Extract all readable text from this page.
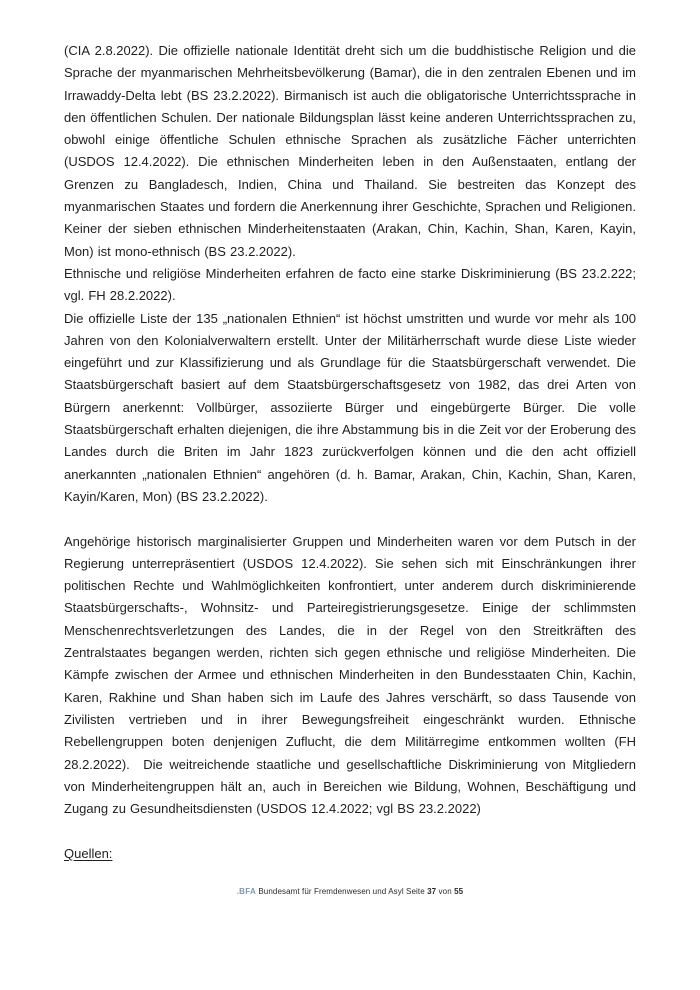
(CIA 2.8.2022). Die offizielle nationale Identität dreht sich um die buddhistische Religion und die Sprache der myanmarischen Mehrheitsbevölkerung (Bamar), die in den zentralen Ebenen und im Irrawaddy-Delta lebt (BS 23.2.2022). Birmanisch ist auch die obligatorische Unterrichtssprache in den öffentlichen Schulen. Der nationale Bildungsplan lässt keine anderen Unterrichtssprachen zu, obwohl einige öffentliche Schulen ethnische Sprachen als zusätzliche Fächer unterrichten (USDOS 12.4.2022). Die ethnischen Minderheiten leben in den Außenstaaten, entlang der Grenzen zu Bangladesch, Indien, China und Thailand. Sie bestreiten das Konzept des myanmarischen Staates und fordern die Anerkennung ihrer Geschichte, Sprachen und Religionen. Keiner der sieben ethnischen Minderheitenstaaten (Arakan, Chin, Kachin, Shan, Karen, Kayin, Mon) ist mono-ethnisch (BS 23.2.2022).

Ethnische und religiöse Minderheiten erfahren de facto eine starke Diskriminierung (BS 23.2.222; vgl. FH 28.2.2022).

Die offizielle Liste der 135 „nationalen Ethnien“ ist höchst umstritten und wurde vor mehr als 100 Jahren von den Kolonialverwaltern erstellt. Unter der Militärherrschaft wurde diese Liste wieder eingeführt und zur Klassifizierung und als Grundlage für die Staatsbürgerschaft verwendet. Die Staatsbürgerschaft basiert auf dem Staatsbürgerschaftsgesetz von 1982, das drei Arten von Bürgern anerkennt: Vollbürger, assoziierte Bürger und eingebürgerte Bürger. Die volle Staatsbürgerschaft erhalten diejenigen, die ihre Abstammung bis in die Zeit vor der Eroberung des Landes durch die Briten im Jahr 1823 zurückverfolgen können und die den acht offiziell anerkannten „nationalen Ethnien“ angehören (d. h. Bamar, Arakan, Chin, Kachin, Shan, Karen, Kayin/Karen, Mon) (BS 23.2.2022).

Angehörige historisch marginalisierter Gruppen und Minderheiten waren vor dem Putsch in der Regierung unterrepräsentiert (USDOS 12.4.2022). Sie sehen sich mit Einschränkungen ihrer politischen Rechte und Wahlmöglichkeiten konfrontiert, unter anderem durch diskriminierende Staatsbürgerschafts-, Wohnsitz- und Parteiregistrierungsgesetze. Einige der schlimmsten Menschenrechtsverletzungen des Landes, die in der Regel von den Streitkräften des Zentralstaates begangen werden, richten sich gegen ethnische und religiöse Minderheiten. Die Kämpfe zwischen der Armee und ethnischen Minderheiten in den Bundesstaaten Chin, Kachin, Karen, Rakhine und Shan haben sich im Laufe des Jahres verschärft, so dass Tausende von Zivilisten vertrieben und in ihrer Bewegungsfreiheit eingeschränkt wurden. Ethnische Rebellengruppen boten denjenigen Zuflucht, die dem Militärregime entkommen wollten (FH 28.2.2022).  Die weitreichende staatliche und gesellschaftliche Diskriminierung von Mitgliedern von Minderheitengruppen hält an, auch in Bereichen wie Bildung, Wohnen, Beschäftigung und Zugang zu Gesundheitsdiensten (USDOS 12.4.2022; vgl BS 23.2.2022)

Quellen:
.BFA Bundesamt für Fremdenwesen und Asyl Seite 37 von 55
